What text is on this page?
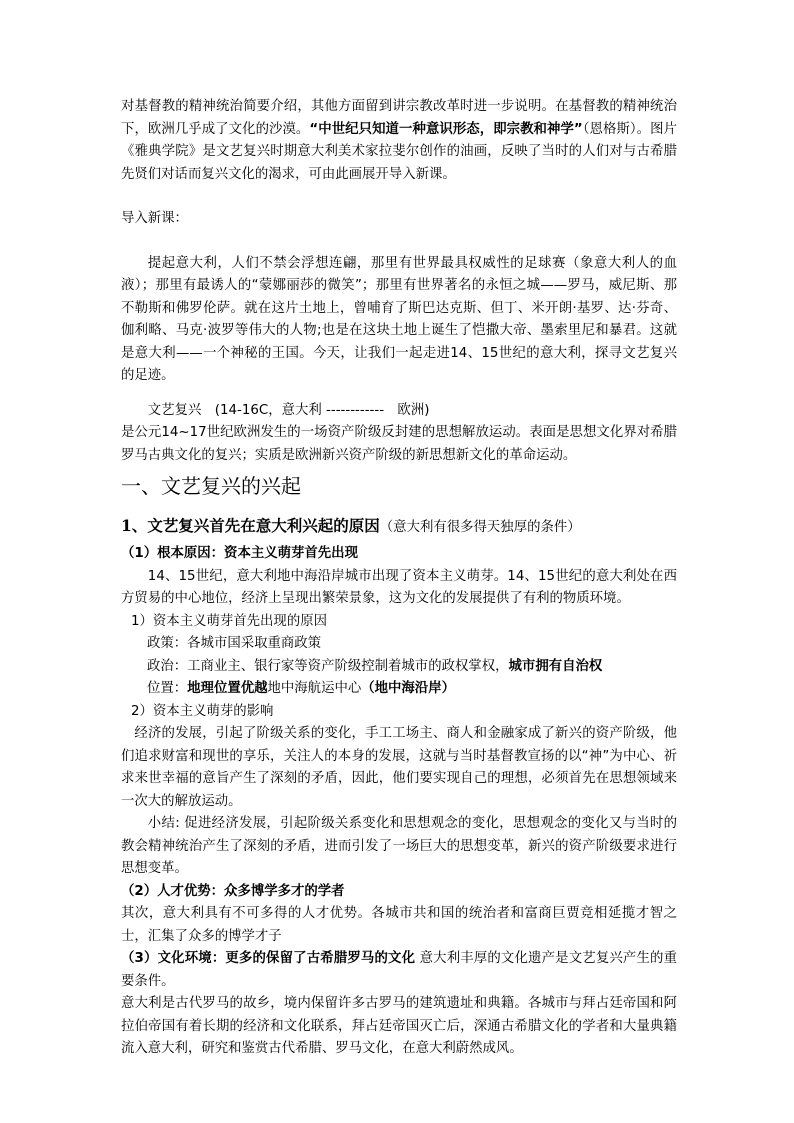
对基督教的精神统治简要介绍，其他方面留到讲宗教改革时进一步说明。在基督教的精神统治下，欧洲几乎成了文化的沙漠。“中世纪只知道一种意识形态，即宗教和神学”（恩格斯）。图片《雅典学院》是文艺复兴时期意大利美术家拉斐尔创作的油画，反映了当时的人们对与古希腊先贤们对话而复兴文化的渴求，可由此画展开导入新课。

导入新课：

提起意大利，人们不禁会浮想连翩，那里有世界最具权威性的足球赛（象意大利人的血液）；那里有最诱人的“蒙娜丽莎的微笑”；那里有世界著名的永恒之城——罗马，威尼斯、那不勒斯和佛罗伦萨。就在这片土地上，曾哺育了斯巴达克斯、但丁、米开朗·基罗、达·芬奇、伽利略、马克·波罗等伟大的人物;也是在这块土地上诞生了恺撒大帝、墨索里尼和暴君。这就是意大利——一个神秘的王国。今天，让我们一起走进14、15世纪的意大利，探寻文艺复兴的足迹。

文艺复兴　(14-16C，意大利 ------------　欧洲)

是公元14~17世纪欧洲发生的一场资产阶级反封建的思想解放运动。表面是思想文化界对希腊罗马古典文化的复兴；实质是欧洲新兴资产阶级的新思想新文化的革命运动。

一、文艺复兴的兴起
1、文艺复兴首先在意大利兴起的原因（意大利有很多得天独厚的条件）

（1）根本原因：资本主义萌芽首先出现

14、15世纪，意大利地中海沿岸城市出现了资本主义萌芽。14、15世纪的意大利处在西方贸易的中心地位，经济上呈现出繁荣景象，这为文化的发展提供了有利的物质环境。

1）资本主义萌芽首先出现的原因

政策：各城市国采取重商政策

政治：工商业主、银行家等资产阶级控制着城市的政权掌权，城市拥有自治权

位置：地理位置优越地中海航运中心（地中海沿岸）

2）资本主义萌芽的影响

经济的发展，引起了阶级关系的变化，手工工场主、商人和金融家成了新兴的资产阶级，他们追求财富和现世的享乐，关注人的本身的发展，这就与当时基督教宣扬的以“神”为中心、祈求来世幸福的意旨产生了深刻的矛盾，因此，他们要实现自己的理想，必须首先在思想领域来一次大的解放运动。

小结: 促进经济发展，引起阶级关系变化和思想观念的变化，思想观念的变化又与当时的教会精神统治产生了深刻的矛盾，进而引发了一场巨大的思想变革，新兴的资产阶级要求进行思想变革。

（2）人才优势：众多博学多才的学者

其次，意大利具有不可多得的人才优势。各城市共和国的统治者和富商巨贾竞相延揽才智之士，汇集了众多的博学才子

（3）文化环境：更多的保留了古希腊罗马的文化 意大利丰厚的文化遗产是文艺复兴产生的重要条件。

意大利是古代罗马的故乡，境内保留许多古罗马的建筑遗址和典籍。各城市与拜占廷帝国和阿拉伯帝国有着长期的经济和文化联系，拜占廷帝国灭亡后，深通古希腊文化的学者和大量典籍流入意大利，研究和鉴赏古代希腊、罗马文化，在意大利蔚然成风。
